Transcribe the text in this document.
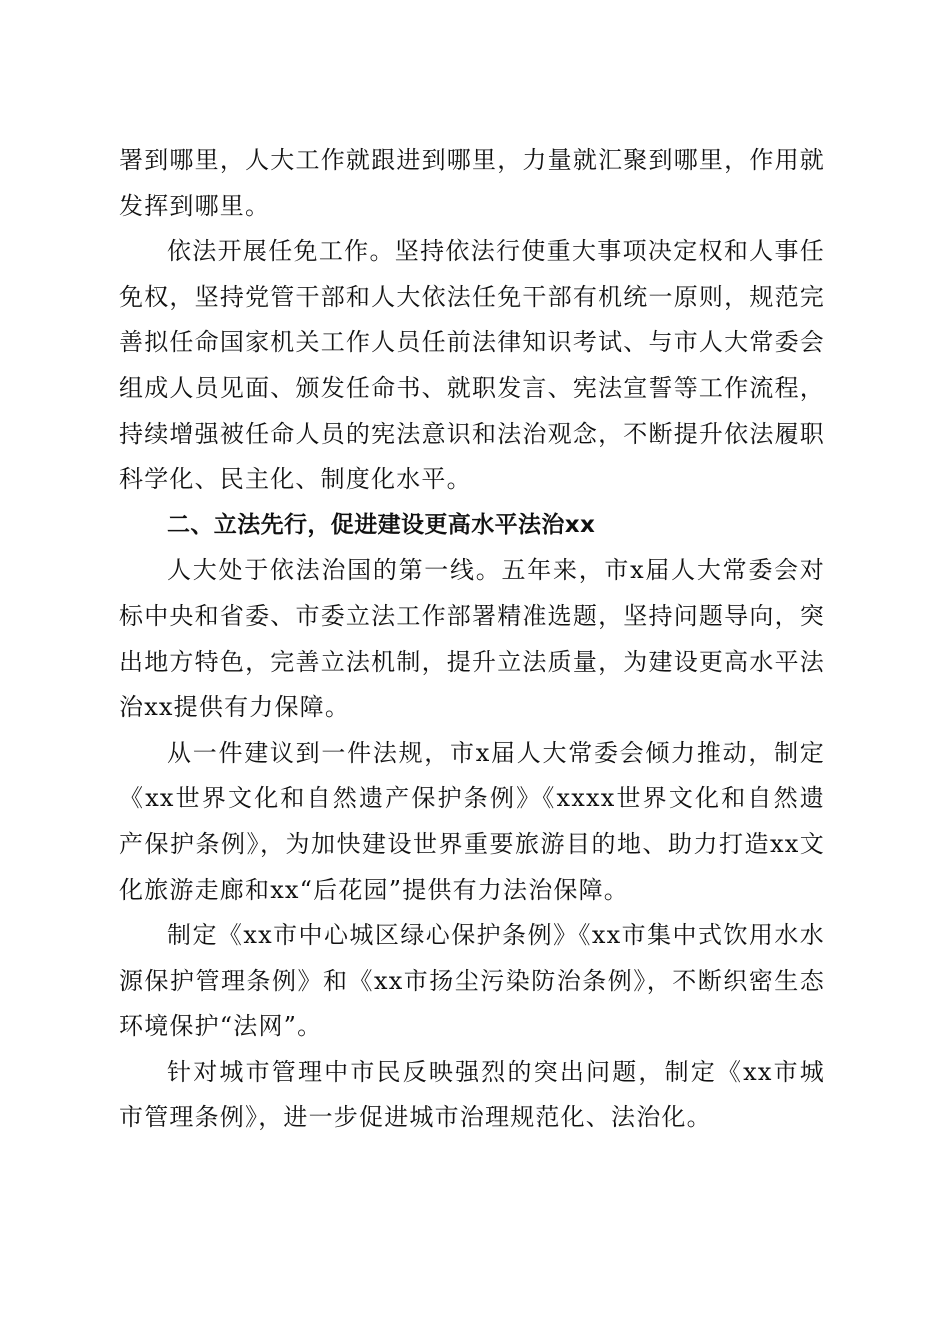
署到哪里，人大工作就跟进到哪里，力量就汇聚到哪里，作用就发挥到哪里。

依法开展任免工作。坚持依法行使重大事项决定权和人事任免权，坚持党管干部和人大依法任免干部有机统一原则，规范完善拟任命国家机关工作人员任前法律知识考试、与市人大常委会组成人员见面、颁发任命书、就职发言、宪法宣誓等工作流程，持续增强被任命人员的宪法意识和法治观念，不断提升依法履职科学化、民主化、制度化水平。

二、立法先行，促进建设更高水平法治xx

人大处于依法治国的第一线。五年来，市x届人大常委会对标中央和省委、市委立法工作部署精准选题，坚持问题导向，突出地方特色，完善立法机制，提升立法质量，为建设更高水平法治xx提供有力保障。

从一件建议到一件法规，市x届人大常委会倾力推动，制定《xx世界文化和自然遗产保护条例》《xxxx世界文化和自然遗产保护条例》，为加快建设世界重要旅游目的地、助力打造xx文化旅游走廊和xx“后花园”提供有力法治保障。

制定《xx市中心城区绿心保护条例》《xx市集中式饮用水水源保护管理条例》和《xx市扬尘污染防治条例》，不断织密生态环境保护“法网”。

针对城市管理中市民反映强烈的突出问题，制定《xx市城市管理条例》，进一步促进城市治理规范化、法治化。
